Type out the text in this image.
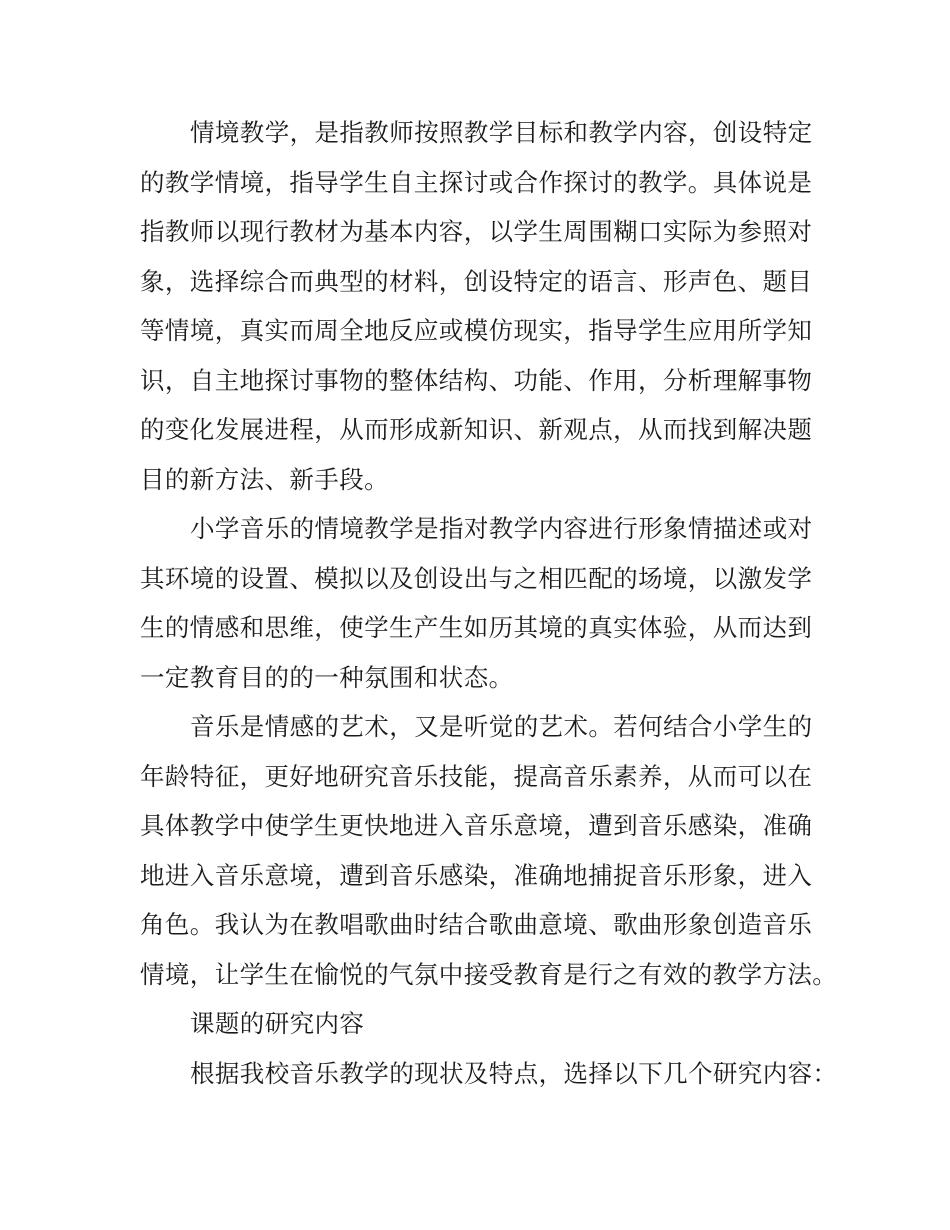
情境教学，是指教师按照教学目标和教学内容，创设特定
的教学情境，指导学生自主探讨或合作探讨的教学。具体说是
指教师以现行教材为基本内容，以学生周围糊口实际为参照对
象，选择综合而典型的材料，创设特定的语言、形声色、题目
等情境，真实而周全地反应或模仿现实，指导学生应用所学知
识，自主地探讨事物的整体结构、功能、作用，分析理解事物
的变化发展进程，从而形成新知识、新观点，从而找到解决题
目的新方法、新手段。
小学音乐的情境教学是指对教学内容进行形象情描述或对
其环境的设置、模拟以及创设出与之相匹配的场境，以激发学
生的情感和思维，使学生产生如历其境的真实体验，从而达到
一定教育目的的一种氛围和状态。
音乐是情感的艺术，又是听觉的艺术。若何结合小学生的
年龄特征，更好地研究音乐技能，提高音乐素养，从而可以在
具体教学中使学生更快地进入音乐意境，遭到音乐感染，准确
地进入音乐意境，遭到音乐感染，准确地捕捉音乐形象，进入
角色。我认为在教唱歌曲时结合歌曲意境、歌曲形象创造音乐
情境，让学生在愉悦的气氛中接受教育是行之有效的教学方法。
课题的研究内容
根据我校音乐教学的现状及特点，选择以下几个研究内容：
